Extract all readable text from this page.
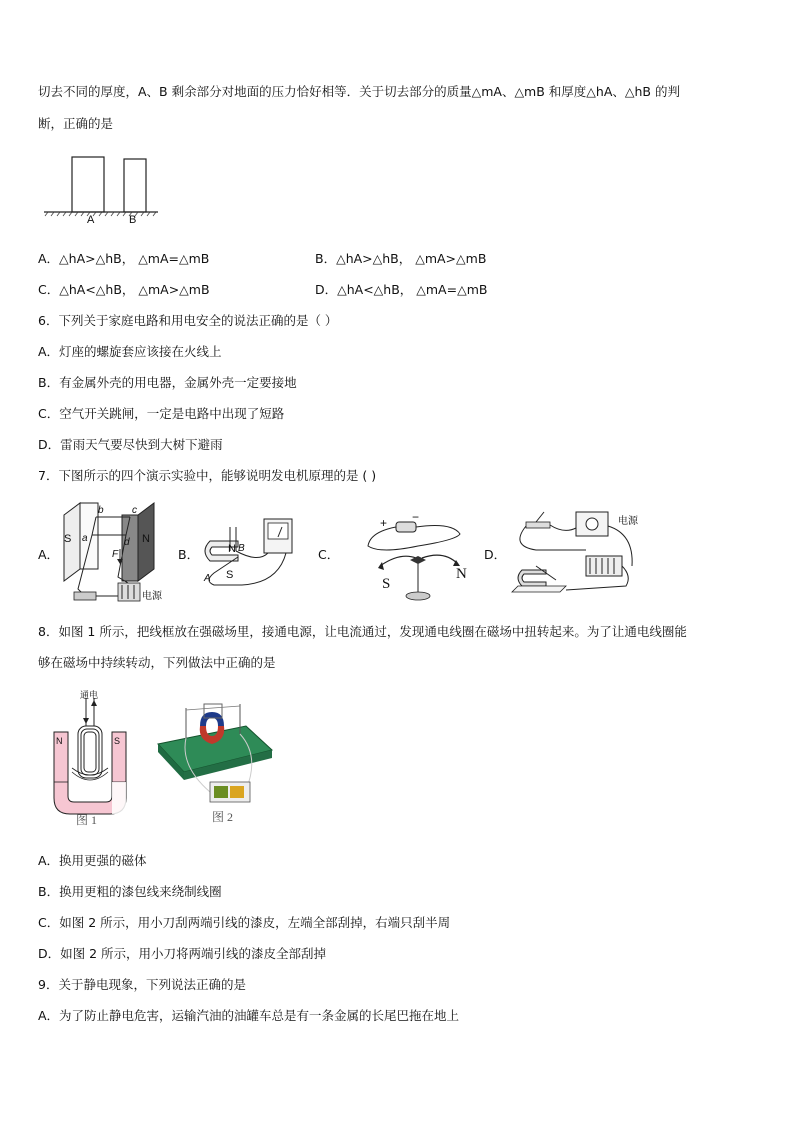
切去不同的厚度，A、B 剩余部分对地面的压力恰好相等．关于切去部分的质量△mA、△mB 和厚度△hA、△hB 的判
断，正确的是
A	B
A．△hA>△hB， △mA=△mB	B．△hA>△hB， △mA>△mB
C．△hA<△hB， △mA>△mB	D．△hA<△hB， △mA=△mB
6．下列关于家庭电路和用电安全的说法正确的是（ ）
A．灯座的螺旋套应该接在火线上
B．有金属外壳的用电器，金属外壳一定要接地
C．空气开关跳闸，一定是电路中出现了短路
D．雷雨天气要尽快到大树下避雨
7．下图所示的四个演示实验中，能够说明发电机原理的是 ( )
A．
S	N
b	c
a	d
F
电源
B．	N
S
A
B	C．
+ −
S
N
D．
电源
8．如图 1 所示，把线框放在强磁场里，接通电源，让电流通过，发现通电线圈在磁场中扭转起来。为了让通电线圈能
够在磁场中持续转动，下列做法中正确的是
通电
N	S
图 1	图 2
A．换用更强的磁体
B．换用更粗的漆包线来绕制线圈
C．如图 2 所示，用小刀刮两端引线的漆皮，左端全部刮掉，右端只刮半周
D．如图 2 所示，用小刀将两端引线的漆皮全部刮掉
9．关于静电现象，下列说法正确的是
A．为了防止静电危害，运输汽油的油罐车总是有一条金属的长尾巴拖在地上
